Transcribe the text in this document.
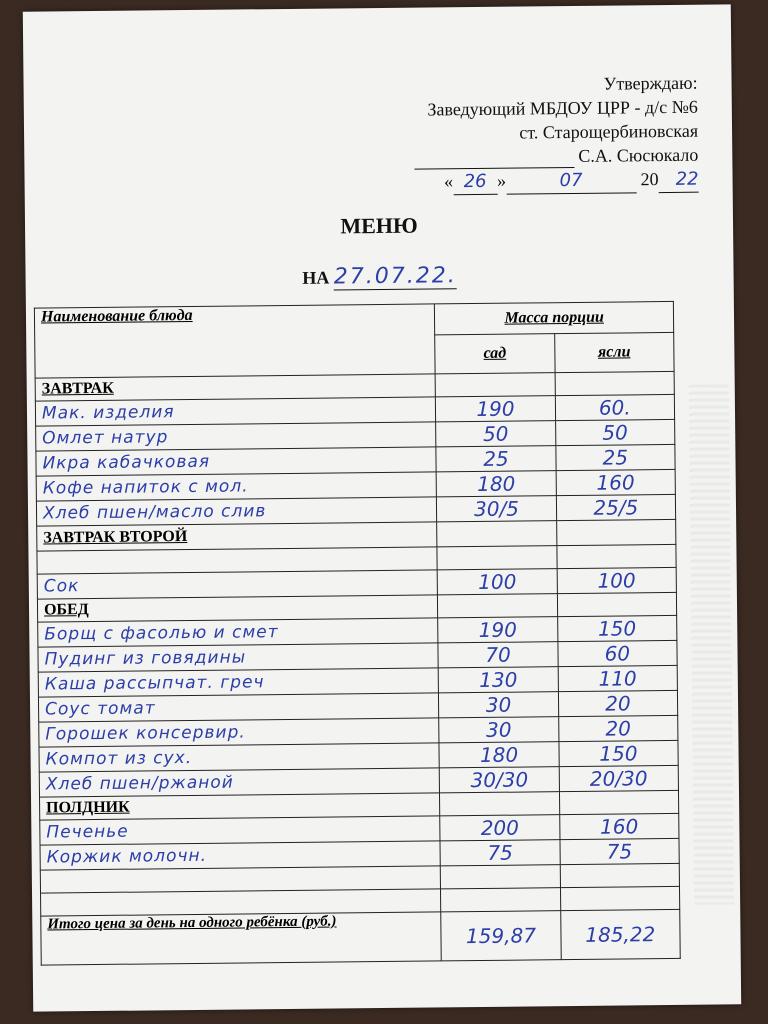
Утверждаю:
Заведующий МБДОУ ЦРР - д/с №6
ст. Старощербиновская
С.А. Сюсюкало
« 26 »	07	20 22
МЕНЮ
НА 27.07.22.
Наименование блюда	Масса порции	
	сад	ясли
ЗАВТРАК		
Мак. изделия	190	60.
Омлет натур	50	50
Икра кабачковая	25	25
Кофе напиток с мол.	180	160
Хлеб пшен/масло слив	30/5	25/5
ЗАВТРАК ВТОРОЙ		

Сок	100	100
ОБЕД		
Борщ с фасолью и смет	190	150
Пудинг из говядины	70	60
Каша рассыпчат. греч	130	110
Соус томат	30	20
Горошек консервир.	30	20
Компот из сух.	180	150
Хлеб пшен/ржаной	30/30	20/30
ПОЛДНИК		
Печенье	200	160
Коржик молочн.	75	75

Итого цена за день на одного ребёнка (руб.)	159,87	185,22
